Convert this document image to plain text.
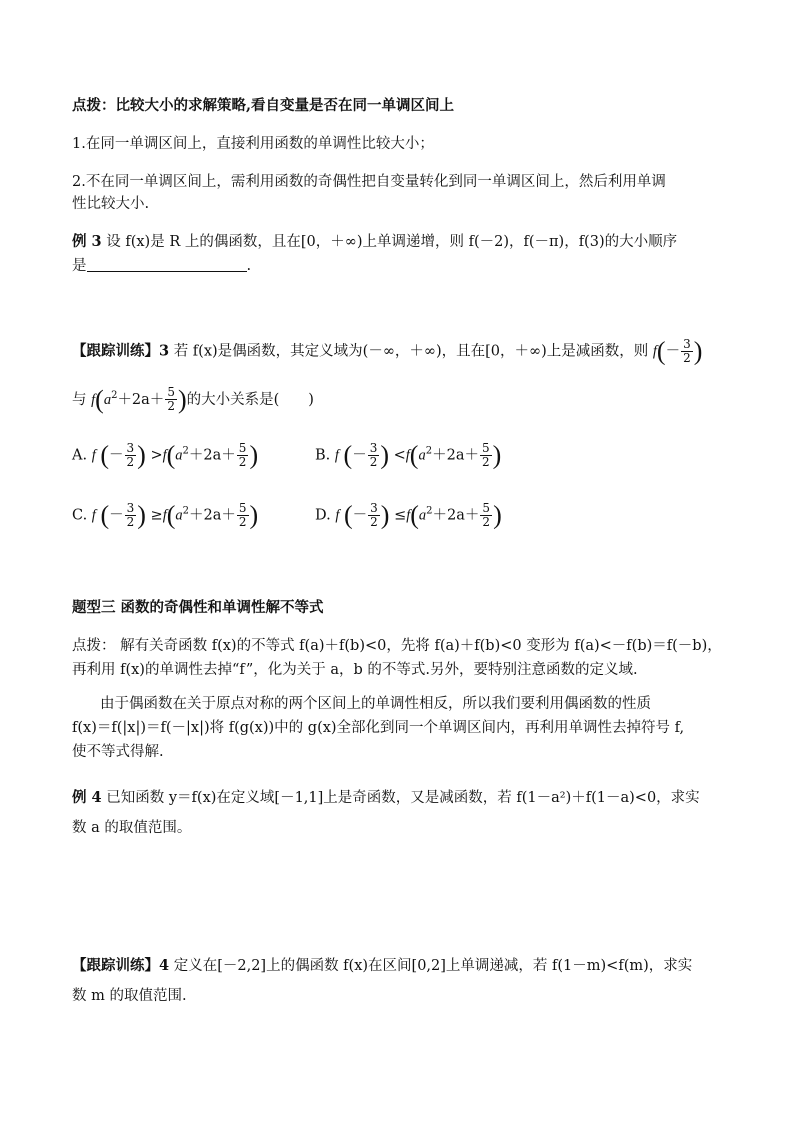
点拨：比较大小的求解策略,看自变量是否在同一单调区间上
1.在同一单调区间上，直接利用函数的单调性比较大小；
2.不在同一单调区间上，需利用函数的奇偶性把自变量转化到同一单调区间上，然后利用单调
性比较大小.
例 3 设 f(x)是 R 上的偶函数，且在[0，＋∞)上单调递增，则 f(－2)，f(－π)，f(3)的大小顺序
是	.
【跟踪训练】3 若 f(x)是偶函数，其定义域为(－∞，＋∞)，且在[0，＋∞)上是减函数，则 $f(- \frac{3}{2}$ )
与 $f(a^2+2a+ \frac{5}{2}$ )的大小关系是(　　)
A. f (－ $\frac{3}{2}$ ) $>f(a^2+2a+ \frac{5}{2}$ )	B. f (－ $\frac{3}{2}$ ) $<f(a^2+2a+ \frac{5}{2}$ )
C. f (－ $\frac{3}{2}$ ) $\ge f(a^2+2a+ \frac{5}{2}$ )	D. f (－ $\frac{3}{2}$ ) $\le f(a^2+2a+ \frac{5}{2}$ )
题型三 函数的奇偶性和单调性解不等式
点拨： 解有关奇函数 f(x)的不等式 f(a)＋f(b)<0，先将 f(a)＋f(b)<0 变形为 f(a)<－f(b)＝f(－b)，
再利用 f(x)的单调性去掉“f”，化为关于 a，b 的不等式.另外，要特别注意函数的定义域.
由于偶函数在关于原点对称的两个区间上的单调性相反，所以我们要利用偶函数的性质
f(x)＝f(|x|)＝f(－|x|)将 f(g(x))中的 g(x)全部化到同一个单调区间内，再利用单调性去掉符号 f,
使不等式得解.
例 4 已知函数 y＝f(x)在定义域[－1,1]上是奇函数，又是减函数，若 f(1－a²)＋f(1－a)<0，求实
数 a 的取值范围。
【跟踪训练】4 定义在[－2,2]上的偶函数 f(x)在区间[0,2]上单调递减，若 f(1－m)<f(m)，求实
数 m 的取值范围.
